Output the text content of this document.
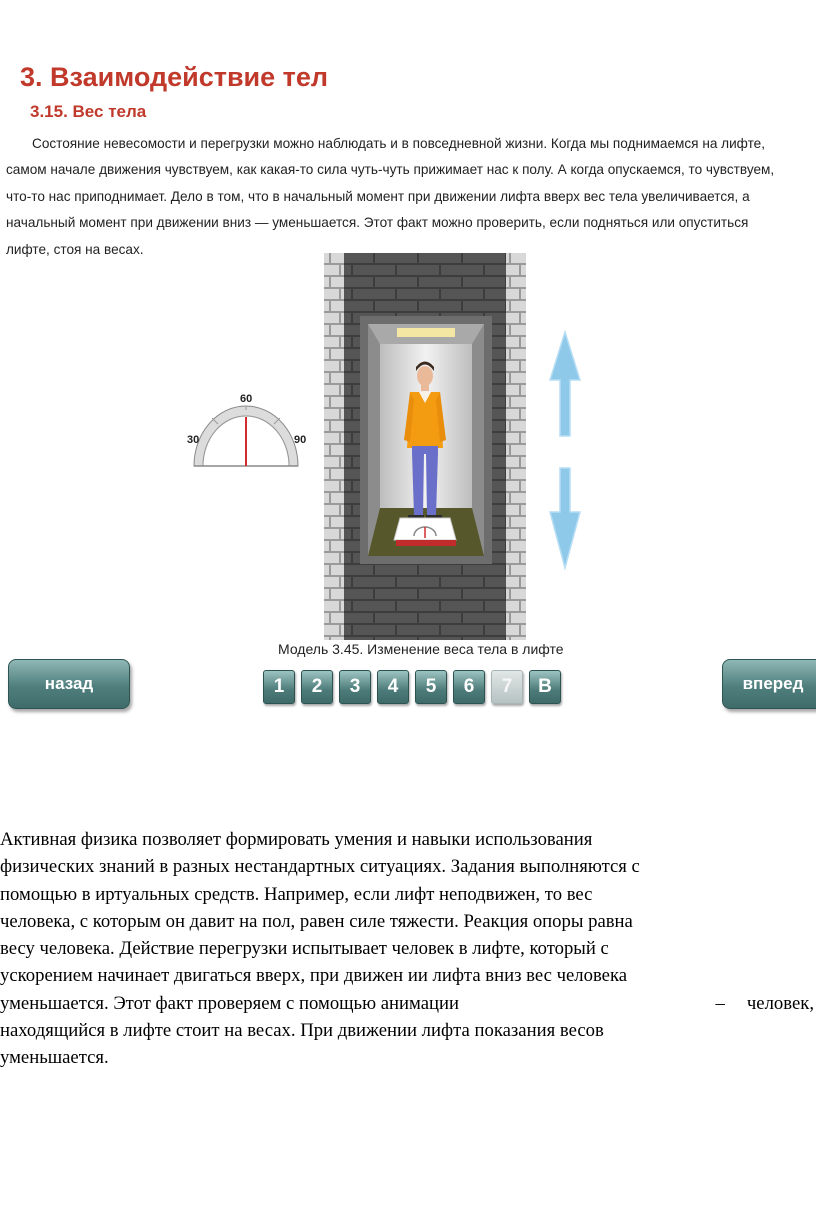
3. Взаимодействие тел
3.15. Вес тела
Состояние невесомости и перегрузки можно наблюдать и в повседневной жизни. Когда мы поднимаемся на лифте,
самом начале движения чувствуем, как какая-то сила чуть-чуть прижимает нас к полу. А когда опускаемся, то чувствуем,
что-то нас приподнимает. Дело в том, что в начальный момент при движении лифта вверх вес тела увеличивается, а
начальный момент при движении вниз — уменьшается. Этот факт можно проверить, если подняться или опуститься
лифте, стоя на весах.
30
60
90
Модель 3.45. Изменение веса тела в лифте
назад	вперед
1	2	3	4	5	6	7	В
Активная физика позволяет формировать умения и навыки использования
физических знаний в разных нестандартных ситуациях. Задания выполняются с
помощью в иртуальных средств. Например, если лифт неподвижен, то вес
человека, с которым он давит на пол, равен силе тяжести. Реакция опоры равна
весу человека. Действие перегрузки испытывает человек в лифте, который с
ускорением начинает двигаться вверх, при движен ии лифта вниз вес человека
уменьшается. Этот факт проверяем с помощью анимации	– человек,
находящийся в лифте стоит на весах. При движении лифта показания весов
уменьшается.
